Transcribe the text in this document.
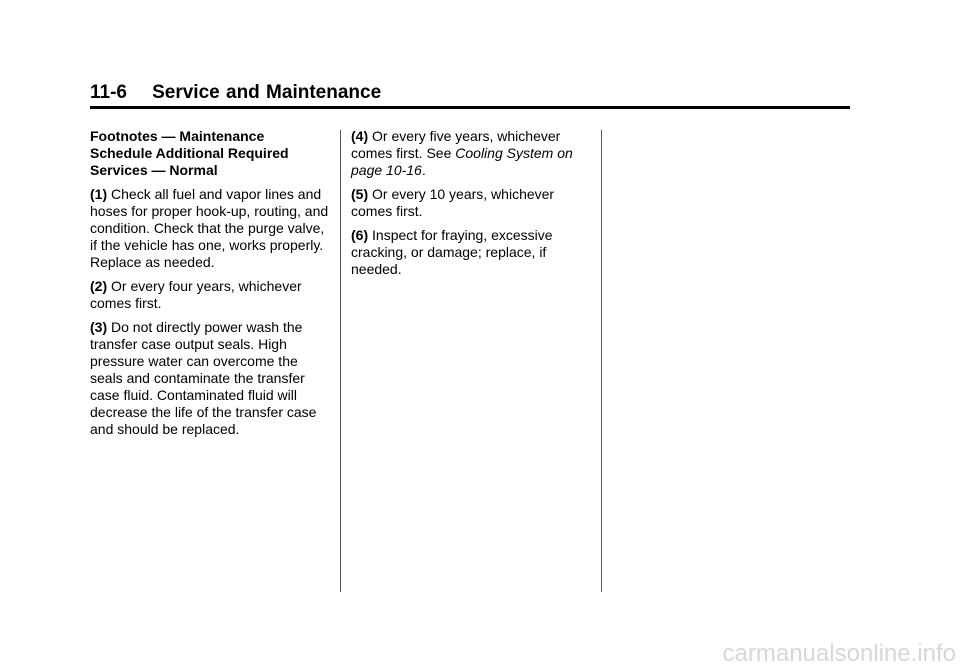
11-6 Service and Maintenance

Footnotes — Maintenance Schedule Additional Required Services — Normal

(1) Check all fuel and vapor lines and hoses for proper hook-up, routing, and condition. Check that the purge valve, if the vehicle has one, works properly. Replace as needed.

(2) Or every four years, whichever comes first.

(3) Do not directly power wash the transfer case output seals. High pressure water can overcome the seals and contaminate the transfer case fluid. Contaminated fluid will decrease the life of the transfer case and should be replaced.

(4) Or every five years, whichever comes first. See Cooling System on page 10-16.

(5) Or every 10 years, whichever comes first.

(6) Inspect for fraying, excessive cracking, or damage; replace, if needed.

carmanualsonline.info
